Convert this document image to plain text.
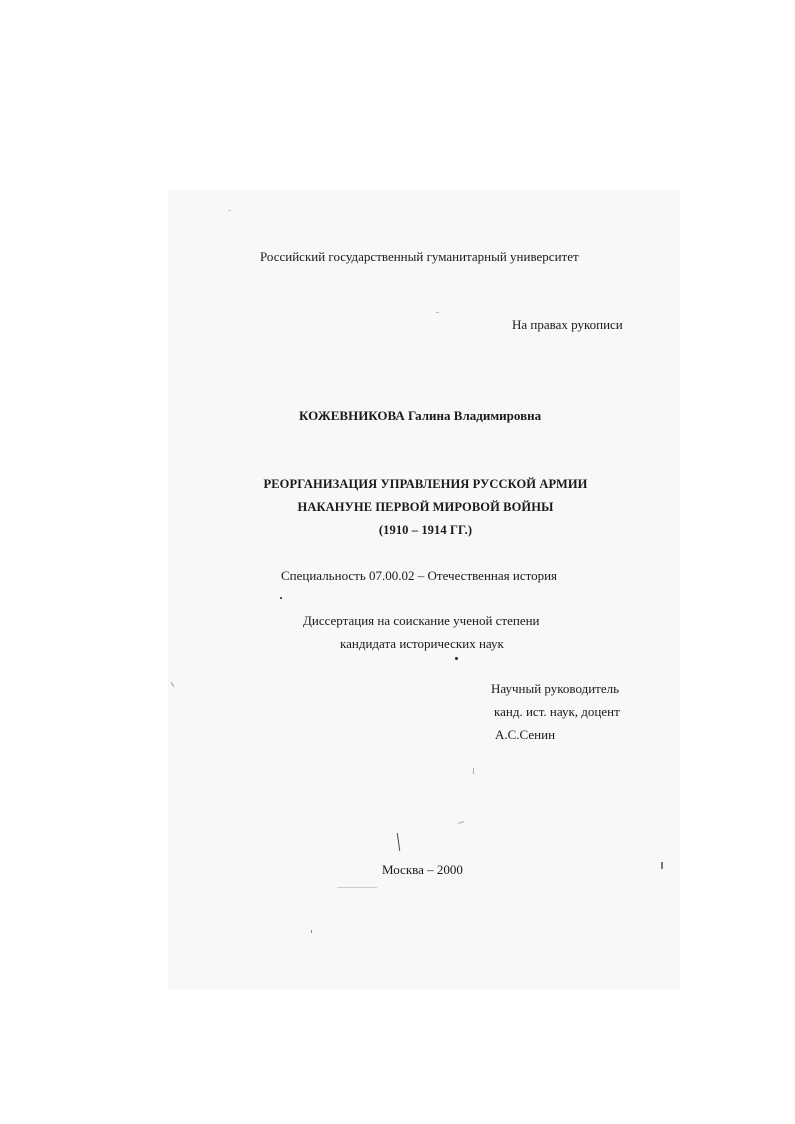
Российский государственный гуманитарный университет
На правах рукописи
КОЖЕВНИКОВА Галина Владимировна
РЕОРГАНИЗАЦИЯ УПРАВЛЕНИЯ РУССКОЙ АРМИИ
НАКАНУНЕ ПЕРВОЙ МИРОВОЙ ВОЙНЫ
(1910 – 1914 ГГ.)
Специальность 07.00.02 – Отечественная история
Диссертация на соискание ученой степени
кандидата исторических наук
Научный руководитель
канд. ист. наук, доцент
А.С.Сенин
Москва – 2000
